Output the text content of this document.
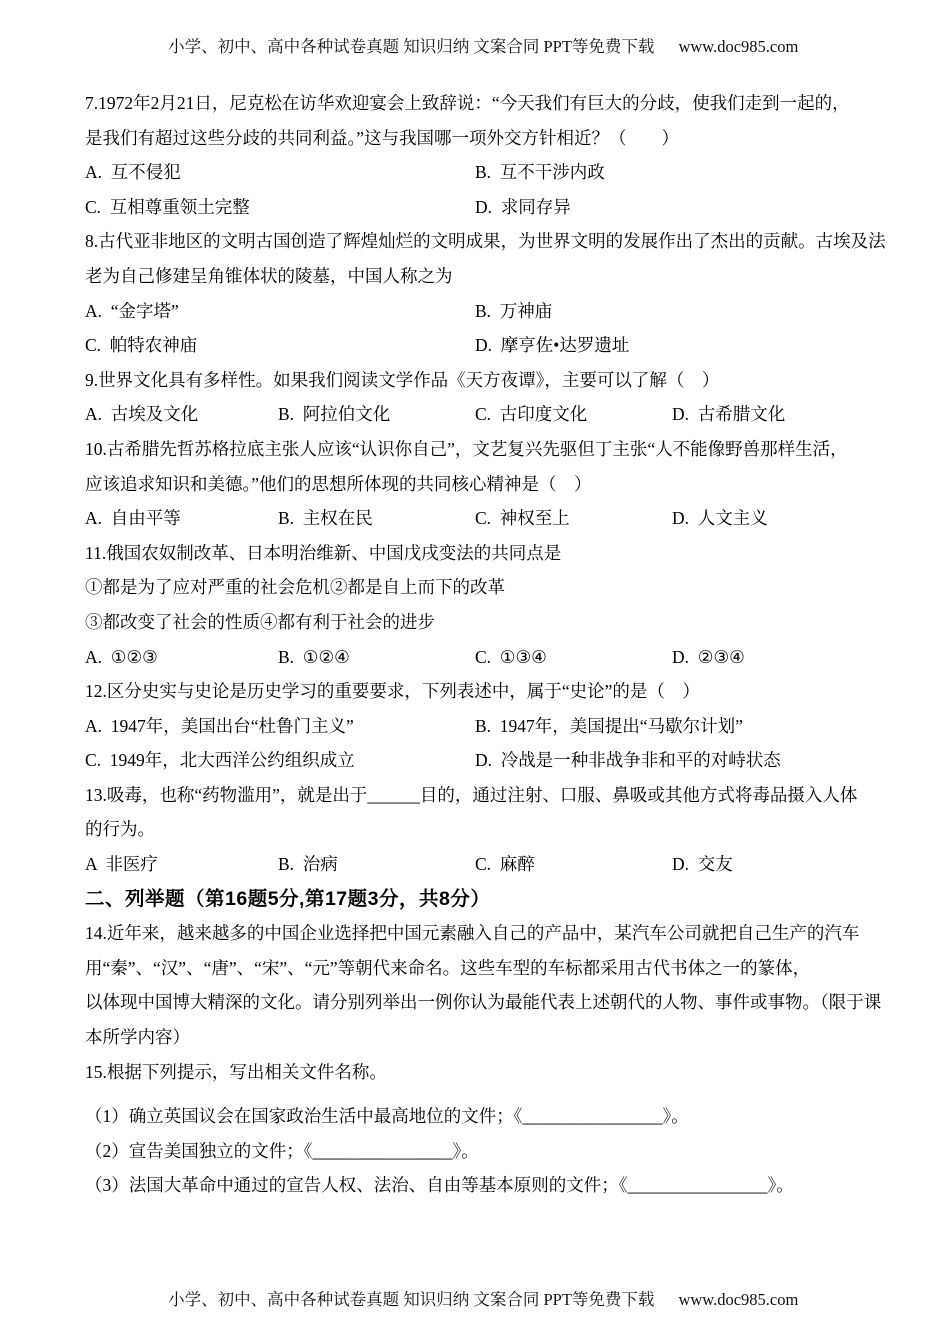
小学、初中、高中各种试卷真题 知识归纳 文案合同 PPT等免费下载 www.doc985.com

7.1972年2月21日，尼克松在访华欢迎宴会上致辞说：“今天我们有巨大的分歧，使我们走到一起的，

是我们有超过这些分歧的共同利益。”这与我国哪一项外交方针相近？（　　）

A.  互不侵犯	B.  互不干涉内政
C.  互相尊重领土完整	D.  求同存异

8.古代亚非地区的文明古国创造了辉煌灿烂的文明成果，为世界文明的发展作出了杰出的贡献。古埃及法

老为自己修建呈角锥体状的陵墓，中国人称之为

A.  “金字塔”	B.  万神庙
C.  帕特农神庙	D.  摩亨佐•达罗遗址

9.世界文化具有多样性。如果我们阅读文学作品《天方夜谭》，主要可以了解（　）

A.  古埃及文化	B.  阿拉伯文化	C.  古印度文化	D.  古希腊文化

10.古希腊先哲苏格拉底主张人应该“认识你自己”，文艺复兴先驱但丁主张“人不能像野兽那样生活，

应该追求知识和美德。”他们的思想所体现的共同核心精神是（　）

A.  自由平等	B.  主权在民	C.  神权至上	D.  人文主义

11.俄国农奴制改革、日本明治维新、中国戊戌变法的共同点是

①都是为了应对严重的社会危机②都是自上而下的改革

③都改变了社会的性质④都有利于社会的进步

A.  ①②③	B.  ①②④	C.  ①③④	D.  ②③④

12.区分史实与史论是历史学习的重要要求，下列表述中，属于“史论”的是（　）

A.  1947年，美国出台“杜鲁门主义”	B.  1947年，美国提出“马歇尔计划”
C.  1949年，北大西洋公约组织成立	D.  冷战是一种非战争非和平的对峙状态

13.吸毒，也称“药物滥用”，就是出于______目的，通过注射、口服、鼻吸或其他方式将毒品摄入人体

的行为。

A  非医疗	B.  治病	C.  麻醉	D.  交友

二、列举题（第16题5分,第17题3分，共8分）

14.近年来，越来越多的中国企业选择把中国元素融入自己的产品中，某汽车公司就把自己生产的汽车

用“秦”、“汉”、“唐”、“宋”、“元”等朝代来命名。这些车型的车标都采用古代书体之一的篆体，

以体现中国博大精深的文化。请分别列举出一例你认为最能代表上述朝代的人物、事件或事物。（限于课

本所学内容）

15.根据下列提示，写出相关文件名称。

（1）确立英国议会在国家政治生活中最高地位的文件；《________________》。

（2）宣告美国独立的文件；《________________》。

（3）法国大革命中通过的宣告人权、法治、自由等基本原则的文件；《________________》。

小学、初中、高中各种试卷真题 知识归纳 文案合同 PPT等免费下载 www.doc985.com
